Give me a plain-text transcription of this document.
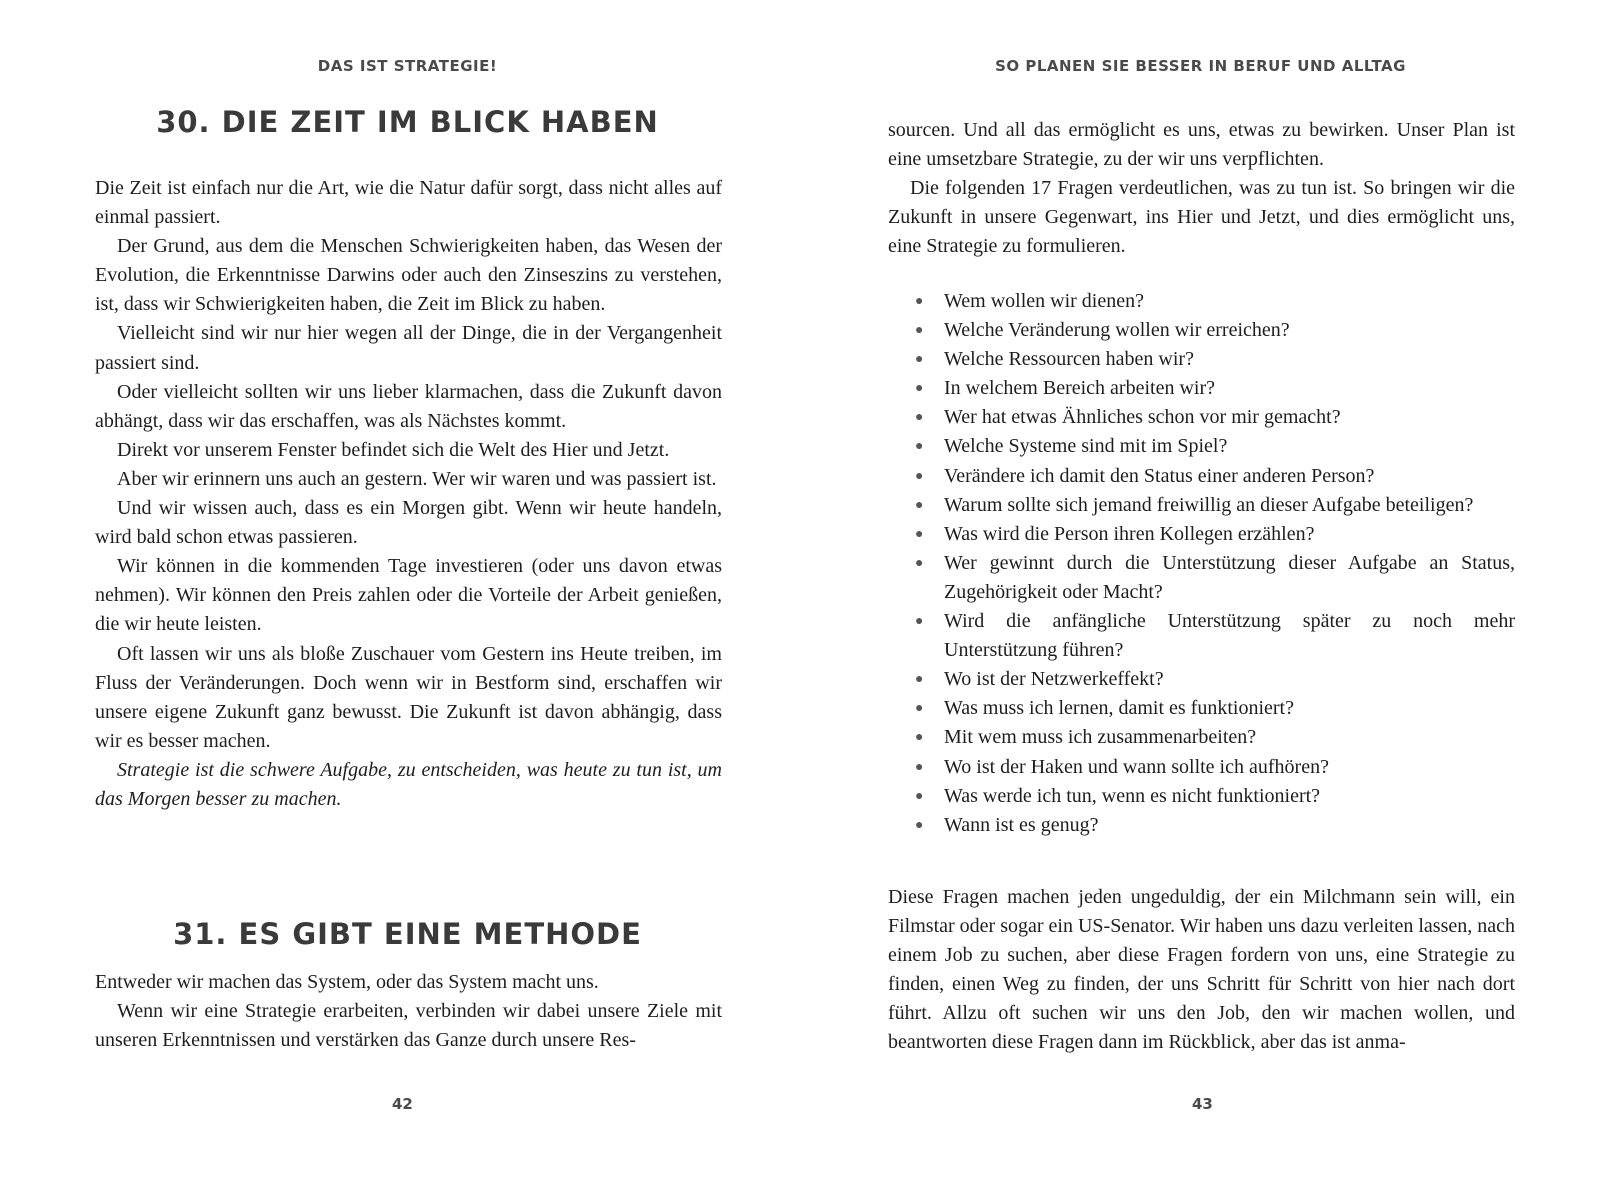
DAS IST STRATEGIE!
30. DIE ZEIT IM BLICK HABEN

Die Zeit ist einfach nur die Art, wie die Natur dafür sorgt, dass nicht alles auf einmal passiert.

Der Grund, aus dem die Menschen Schwierigkeiten haben, das Wesen der Evolution, die Erkenntnisse Darwins oder auch den Zinseszins zu verstehen, ist, dass wir Schwierigkeiten haben, die Zeit im Blick zu haben.

Vielleicht sind wir nur hier wegen all der Dinge, die in der Vergangenheit passiert sind.

Oder vielleicht sollten wir uns lieber klarmachen, dass die Zukunft davon abhängt, dass wir das erschaffen, was als Nächstes kommt.

Direkt vor unserem Fenster befindet sich die Welt des Hier und Jetzt.

Aber wir erinnern uns auch an gestern. Wer wir waren und was passiert ist.

Und wir wissen auch, dass es ein Morgen gibt. Wenn wir heute handeln, wird bald schon etwas passieren.

Wir können in die kommenden Tage investieren (oder uns davon etwas nehmen). Wir können den Preis zahlen oder die Vorteile der Arbeit genießen, die wir heute leisten.

Oft lassen wir uns als bloße Zuschauer vom Gestern ins Heute treiben, im Fluss der Veränderungen. Doch wenn wir in Bestform sind, erschaffen wir unsere eigene Zukunft ganz bewusst. Die Zukunft ist davon abhängig, dass wir es besser machen.

Strategie ist die schwere Aufgabe, zu entscheiden, was heute zu tun ist, um das Morgen besser zu machen.

31. ES GIBT EINE METHODE

Entweder wir machen das System, oder das System macht uns.

Wenn wir eine Strategie erarbeiten, verbinden wir dabei unsere Ziele mit unseren Erkenntnissen und verstärken das Ganze durch unsere Res-

42
SO PLANEN SIE BESSER IN BERUF UND ALLTAG

sourcen. Und all das ermöglicht es uns, etwas zu bewirken. Unser Plan ist eine umsetzbare Strategie, zu der wir uns verpflichten.

Die folgenden 17 Fragen verdeutlichen, was zu tun ist. So bringen wir die Zukunft in unsere Gegenwart, ins Hier und Jetzt, und dies ermöglicht uns, eine Strategie zu formulieren.

● Wem wollen wir dienen?
● Welche Veränderung wollen wir erreichen?
● Welche Ressourcen haben wir?
● In welchem Bereich arbeiten wir?
● Wer hat etwas Ähnliches schon vor mir gemacht?
● Welche Systeme sind mit im Spiel?
● Verändere ich damit den Status einer anderen Person?
● Warum sollte sich jemand freiwillig an dieser Aufgabe beteiligen?
● Was wird die Person ihren Kollegen erzählen?
● Wer gewinnt durch die Unterstützung dieser Aufgabe an Status, Zugehörigkeit oder Macht?
● Wird die anfängliche Unterstützung später zu noch mehr Unterstützung führen?
● Wo ist der Netzwerkeffekt?
● Was muss ich lernen, damit es funktioniert?
● Mit wem muss ich zusammenarbeiten?
● Wo ist der Haken und wann sollte ich aufhören?
● Was werde ich tun, wenn es nicht funktioniert?
● Wann ist es genug?

Diese Fragen machen jeden ungeduldig, der ein Milchmann sein will, ein Filmstar oder sogar ein US-Senator. Wir haben uns dazu verleiten lassen, nach einem Job zu suchen, aber diese Fragen fordern von uns, eine Strategie zu finden, einen Weg zu finden, der uns Schritt für Schritt von hier nach dort führt. Allzu oft suchen wir uns den Job, den wir machen wollen, und beantworten diese Fragen dann im Rückblick, aber das ist anma-

43
